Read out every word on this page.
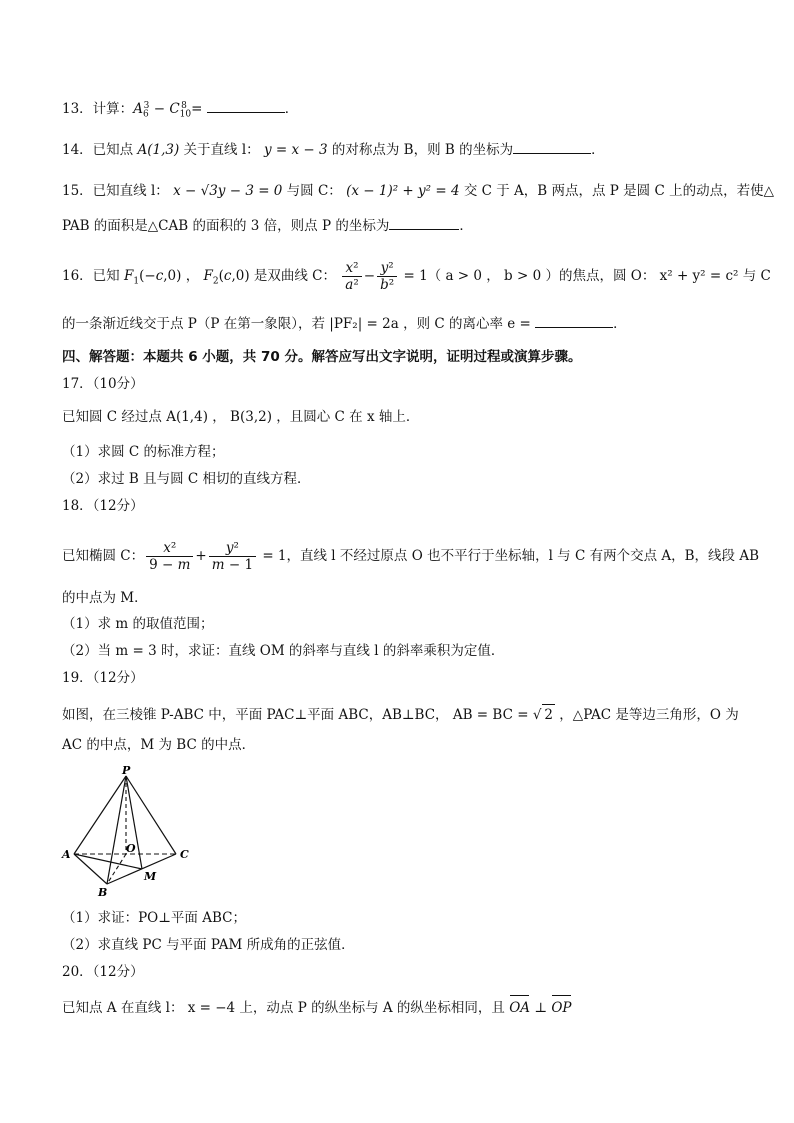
13．计算：$A_6^3 - C_{10}^8$ =	．
14．已知点 A(1,3) 关于直线 l： y = x − 3 的对称点为 B，则 B 的坐标为	．
15．已知直线 l： x − √3y − 3 = 0 与圆 C： (x − 1)² + y² = 4 交 C 于 A，B 两点，点 P 是圆 C 上的动点，若使△
PAB 的面积是△CAB 的面积的 3 倍，则点 P 的坐标为	．
16．已知 $F_1(-c,0)$ ， $F_2(c,0)$ 是双曲线 C： $\frac{\text{x²}}{\text{a²}} - \frac{\text{y²}}{\text{b²}} = 1$（ a > 0 ， b > 0 ）的焦点，圆 O： x² + y² = c² 与 C
的一条渐近线交于点 P（P 在第一象限），若 |PF₂| = 2a ，则 C 的离心率 e =	．
四、解答题：本题共 6 小题，共 70 分。解答应写出文字说明，证明过程或演算步骤。
17．（10分）
已知圆 C 经过点 A(1,4) ， B(3,2) ，且圆心 C 在 x 轴上．
（1）求圆 C 的标准方程；
（2）求过 B 且与圆 C 相切的直线方程．
18．（12分）
已知椭圆 C： $\frac{\text{x²}}{9 - m} + \frac{\text{y²}}{m - 1} = 1$，直线 l 不经过原点 O 也不平行于坐标轴，l 与 C 有两个交点 A，B，线段 AB
的中点为 M．
（1）求 m 的取值范围；
（2）当 m = 3 时，求证：直线 OM 的斜率与直线 l 的斜率乘积为定值．
19．（12分）
如图，在三棱锥 P-ABC 中，平面 PAC⊥平面 ABC，AB⊥BC， AB = BC = √ 2 ，△PAC 是等边三角形，O 为
AC 的中点，M 为 BC 的中点．
P
A	C
B
O
M
（1）求证：PO⊥平面 ABC；
（2）求直线 PC 与平面 PAM 所成角的正弦值．
20．（12分）
已知点 A 在直线 l： x = −4 上，动点 P 的纵坐标与 A 的纵坐标相同，且 OA ⊥ OP
